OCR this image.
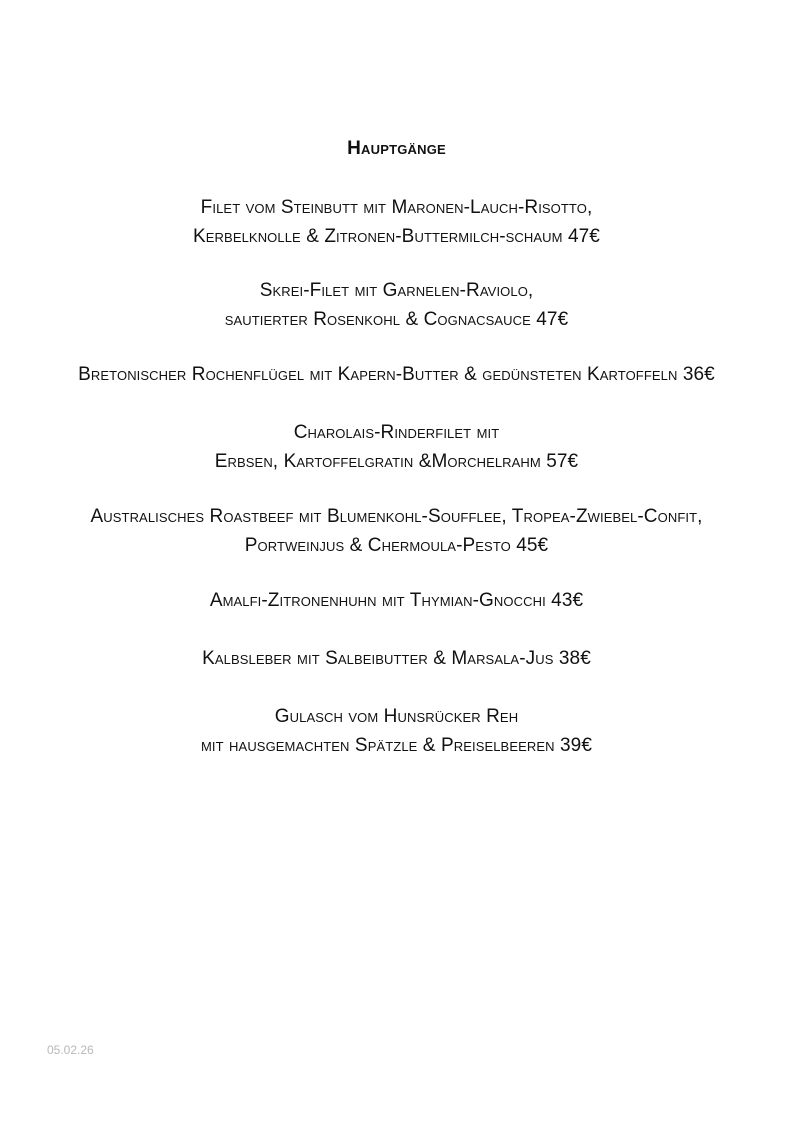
Hauptgänge
Filet vom Steinbutt mit Maronen-Lauch-Risotto,
Kerbelknolle & Zitronen-Buttermilch-schaum 47€
Skrei-Filet mit Garnelen-Raviolo,
sautierter Rosenkohl & Cognacsauce 47€
Bretonischer Rochenflügel mit Kapern-Butter & gedünsteten Kartoffeln 36€
Charolais-Rinderfilet mit
Erbsen, Kartoffelgratin &Morchelrahm 57€
Australisches Roastbeef mit Blumenkohl-Soufflee, Tropea-Zwiebel-Confit,
Portweinjus & Chermoula-Pesto 45€
Amalfi-Zitronenhuhn mit Thymian-Gnocchi 43€
Kalbsleber mit Salbeibutter & Marsala-Jus 38€
Gulasch vom Hunsrücker Reh
mit hausgemachten Spätzle & Preiselbeeren 39€
05.02.26
